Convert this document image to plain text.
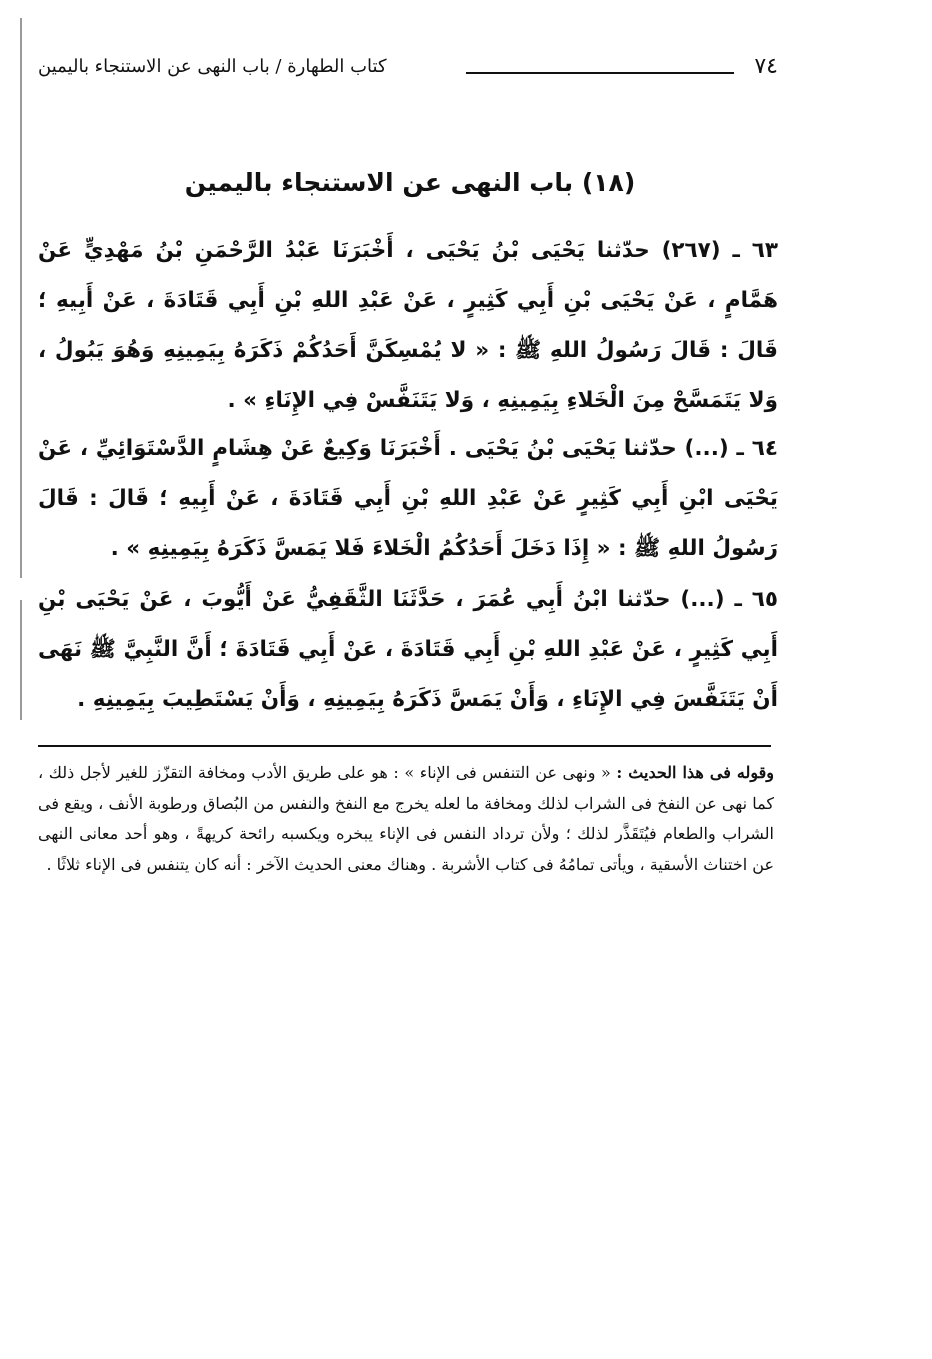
٧٤
كتاب الطهارة / باب النهى عن الاستنجاء باليمين
(١٨) باب النهى عن الاستنجاء باليمين

٦٣ ـ (٢٦٧) حدّثنا يَحْيَى بْنُ يَحْيَى ، أَخْبَرَنَا عَبْدُ الرَّحْمَنِ بْنُ مَهْدِيٍّ عَنْ هَمَّامٍ ، عَنْ يَحْيَى بْنِ أَبِي كَثِيرٍ ، عَنْ عَبْدِ اللهِ بْنِ أَبِي قَتَادَةَ ، عَنْ أَبِيهِ ؛ قَالَ : قَالَ رَسُولُ اللهِ ﷺ : « لا يُمْسِكَنَّ أَحَدُكُمْ ذَكَرَهُ بِيَمِينِهِ وَهُوَ يَبُولُ ، وَلا يَتَمَسَّحْ مِنَ الْخَلاءِ بِيَمِينِهِ ، وَلا يَتَنَفَّسْ فِي الإِنَاءِ » .

٦٤ ـ (...) حدّثنا يَحْيَى بْنُ يَحْيَى . أَخْبَرَنَا وَكِيعٌ عَنْ هِشَامٍ الدَّسْتَوَائِيِّ ، عَنْ يَحْيَى ابْنِ أَبِي كَثِيرٍ عَنْ عَبْدِ اللهِ بْنِ أَبِي قَتَادَةَ ، عَنْ أَبِيهِ ؛ قَالَ : قَالَ رَسُولُ اللهِ ﷺ : « إِذَا دَخَلَ أَحَدُكُمُ الْخَلاءَ فَلا يَمَسَّ ذَكَرَهُ بِيَمِينِهِ » .

٦٥ ـ (...) حدّثنا ابْنُ أَبِي عُمَرَ ، حَدَّثَنَا الثَّقَفِيُّ عَنْ أَيُّوبَ ، عَنْ يَحْيَى بْنِ أَبِي كَثِيرٍ ، عَنْ عَبْدِ اللهِ بْنِ أَبِي قَتَادَةَ ، عَنْ أَبِي قَتَادَةَ ؛ أَنَّ النَّبِيَّ ﷺ نَهَى أَنْ يَتَنَفَّسَ فِي الإِنَاءِ ، وَأَنْ يَمَسَّ ذَكَرَهُ بِيَمِينِهِ ، وَأَنْ يَسْتَطِيبَ بِيَمِينِهِ .

وقوله فى هذا الحديث : « ونهى عن التنفس فى الإناء » : هو على طريق الأدب ومخافة التقزّز للغير لأجل ذلك ، كما نهى عن النفخ فى الشراب لذلك ومخافة ما لعله يخرج مع النفخ والنفس من البُصاق ورطوبة الأنف ، ويقع فى الشراب والطعام فيُتَقَذَّر لذلك ؛ ولأن ترداد النفس فى الإناء يبخره ويكسبه رائحة كريهةً ، وهو أحد معانى النهى عن اختناث الأسقية ، ويأتى تمامُهُ فى كتاب الأشربة . وهناك معنى الحديث الآخر : أنه كان يتنفس فى الإناء ثلاثًا .
